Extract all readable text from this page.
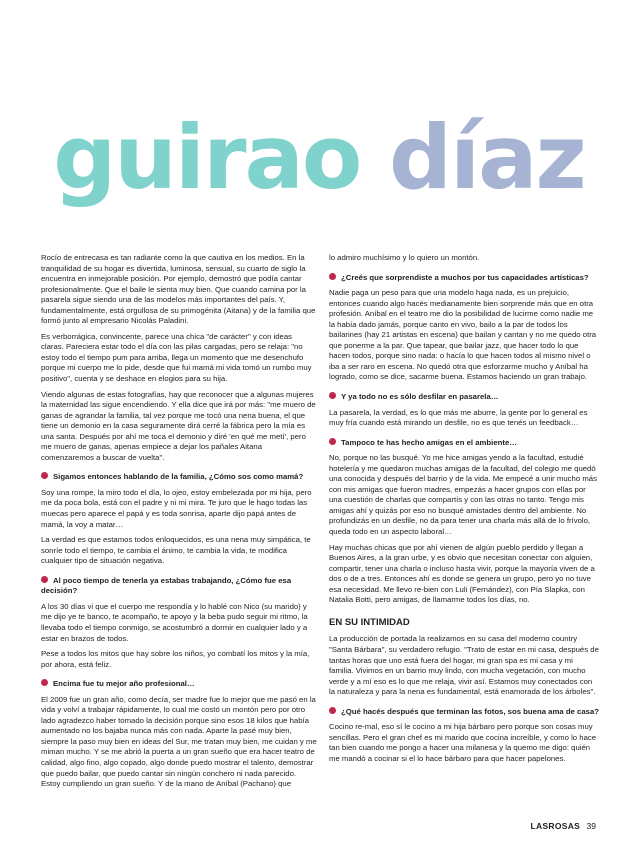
guirao díaz
Rocío de entrecasa es tan radiante como la que cautiva en los medios. En la tranquilidad de su hogar es divertida, luminosa, sensual, su cuarto de siglo la encuentra en inmejorable posición. Por ejemplo, demostró que podía cantar profesionalmente. Que el baile le sienta muy bien. Que cuando camina por la pasarela sigue siendo una de las modelos más importantes del país. Y, fundamentalmente, está orgullosa de su primogénita (Aitana) y de la familia que formó junto al empresario Nicolás Paladini.
Es verborrágica, convincente, parece una chica "de carácter" y con ideas claras. Pareciera estar todo el día con las pilas cargadas, pero se relaja: "no estoy todo el tiempo pum para arriba, llega un momento que me desenchufo porque mi cuerpo me lo pide, desde que fui mamá mi vida tomó un rumbo muy positivo", cuenta y se deshace en elogios para su hija.
Viendo algunas de estas fotografías, hay que reconocer que a algunas mujeres la maternidad las sigue encendiendo. Y ella dice que irá por más: "me muero de ganas de agrandar la familia, tal vez porque me tocó una nena buena, el que tiene un demonio en la casa seguramente dirá cerré la fábrica pero la mía es una santa. Después por ahí me toca el demonio y diré 'en qué me metí', pero me muero de ganas, apenas empiece a dejar los pañales Aitana comenzaremos a buscar de vuelta".
Sigamos entonces hablando de la familia, ¿Cómo sos como mamá?
Soy una rompe, la miro todo el día, lo ojeo, estoy embelezada por mi hija, pero me da poca bola, está con el padre y ni mi mira. Te juro que le hago todas las muecas pero aparece el papá y es toda sonrisa, aparte dijo papá antes de mamá, la voy a matar…
La verdad es que estamos todos enloquecidos, es una nena muy simpática, te sonríe todo el tiempo, te cambia el ánimo, te cambia la vida, te modifica cualquier tipo de situación negativa.
Al poco tiempo de tenerla ya estabas trabajando, ¿Cómo fue esa decisión?
A los 30 días vi que el cuerpo me respondía y lo hablé con Nico (su marido) y me dijo ye te banco, te acompaño, te apoyo y la beba pudo seguir mi ritmo, la llevaba todo el tiempo conmigo, se acostumbró a dormir en cualquier lado y a estar en brazos de todos.
Pese a todos los mitos que hay sobre los niños, yo combatí los mitos y la mía, por ahora, está feliz.
Encima fue tu mejor año profesional…
El 2009 fue un gran año, como decía, ser madre fue lo mejor que me pasó en la vida y volví a trabajar rápidamente, lo cual me costó un montón pero por otro lado agradezco haber tomado la decisión porque sino esos 18 kilos que había aumentado no los bajaba nunca más con nada. Aparte la pasé muy bien, siempre la paso muy bien en ideas del Sur, me tratan muy bien, me cuidan y me miman mucho. Y se me abrió la puerta a un gran sueño que era hacer teatro de calidad, algo fino, algo copado, algo donde puedo mostrar el talento, demostrar que puedo bailar, que puedo cantar sin ningún conchero ni nada parecido. Estoy cumpliendo un gran sueño. Y de la mano de Aníbal (Pachano) que
lo admiro muchísimo y lo quiero un montón.
¿Creés que sorprendiste a muchos por tus capacidades artísticas?
Nadie paga un peso para que una modelo haga nada, es un prejuicio, entonces cuando algo hacés medianamente bien sorprende más que en otra profesión. Aníbal en el teatro me dio la posibilidad de lucirme como nadie me la había dado jamás, porque canto en vivo, bailo a la par de todos los bailarines (hay 21 artistas en escena) que bailan y cantan y no me quedo otra que ponerme a la par. Que tapear, que bailar jazz, que hacer todo lo que hacen todos, porque sino nada: o hacía lo que hacen todos al mismo nivel o iba a ser raro en escena. No quedó otra que esforzarme mucho y Aníbal ha logrado, como se dice, sacarme buena. Estamos haciendo un gran trabajo.
Y ya todo no es sólo desfilar en pasarela…
La pasarela, la verdad, es lo que más me aburre, la gente por lo general es muy fría cuando está mirando un desfile, no es que tenés un feedback…
Tampoco te has hecho amigas en el ambiente…
No, porque no las busqué. Yo me hice amigas yendo a la facultad, estudié hotelería y me quedaron muchas amigas de la facultad, del colegio me quedó una conocida y después del barrio y de la vida. Me empecé a unir mucho más con mis amigas que fueron madres, empezás a hacer grupos con ellas por una cuestión de charlas que compartís y con las otras no tanto. Tengo mis amigas ahí y quizás por eso no busqué amistades dentro del ambiente. No profundizás en un desfile, no da para tener una charla más allá de lo frívolo, queda todo en un aspecto laboral…
Hay muchas chicas que por ahí vienen de algún pueblo perdido y llegan a Buenos Aires, a la gran urbe, y es obvio que necesitan conectar con alguien, compartir, tener una charla o incluso hasta vivir, porque la mayoría viven de a dos o de a tres. Entonces ahí es donde se genera un grupo, pero yo no tuve esa necesidad. Me llevo re-bien con Luli (Fernández), con Pía Slapka, con Natalia Botti, pero amigas, de llamarme todos los días, no.
EN SU INTIMIDAD
La producción de portada la realizamos en su casa del moderno country "Santa Bárbara", su verdadero refugio. "Trato de estar en mi casa, después de tantas horas que uno está fuera del hogar, mi gran spa es mi casa y mi familia. Vivimos en un barrio muy lindo, con mucha vegetación, con mucho verde y a mí eso es lo que me relaja, vivir así. Estamos muy conectados con la naturaleza y para la nena es fundamental, está enamorada de los árboles".
¿Qué hacés después que terminan las fotos, sos buena ama de casa?
Cocino re-mal, eso sí le cocino a mi hija bárbaro pero porque son cosas muy sencillas. Pero el gran chef es mi marido que cocina increíble, y como lo hace tan bien cuando me pongo a hacer una milanesa y la quemo me digo: quién me mandó a cocinar si el lo hace bárbaro para que hacer papelones.
LASROSAS 39
